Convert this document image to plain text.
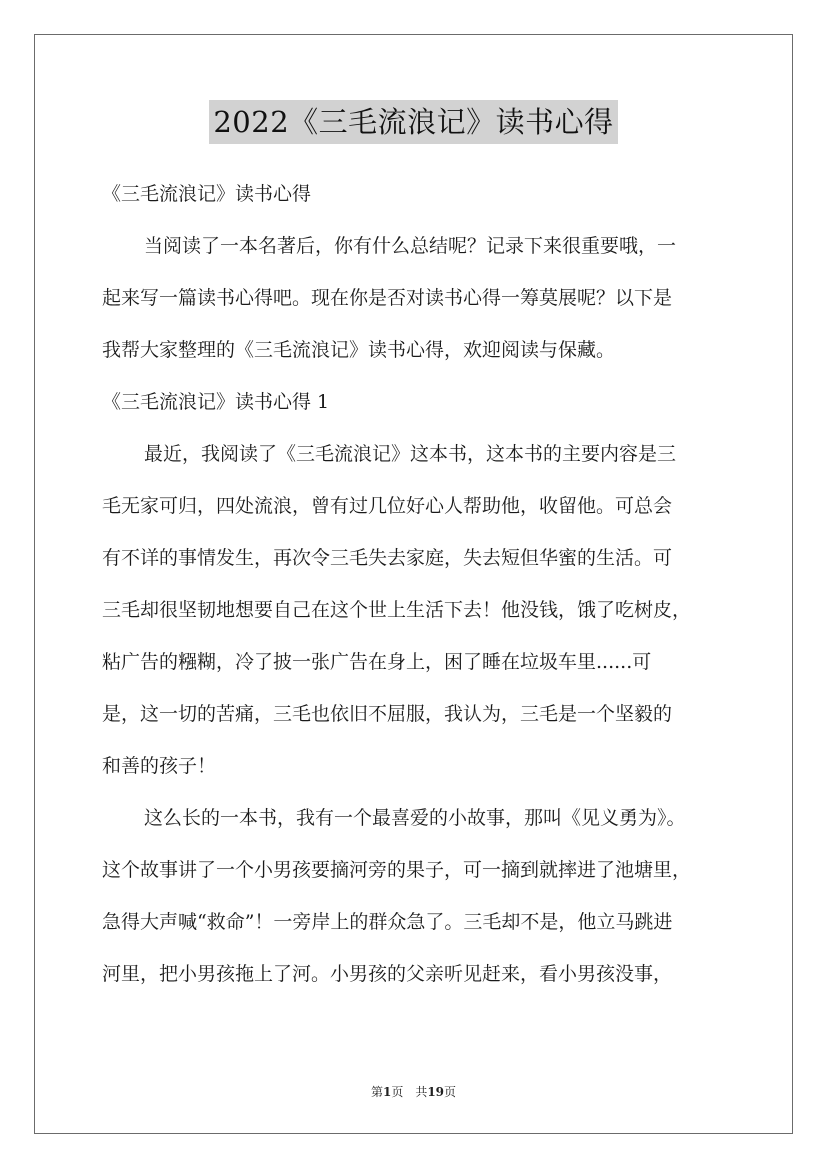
2022《三毛流浪记》读书心得
《三毛流浪记》读书心得
当阅读了一本名著后，你有什么总结呢？记录下来很重要哦，一
起来写一篇读书心得吧。现在你是否对读书心得一筹莫展呢？以下是
我帮大家整理的《三毛流浪记》读书心得，欢迎阅读与保藏。
《三毛流浪记》读书心得 1
最近，我阅读了《三毛流浪记》这本书，这本书的主要内容是三
毛无家可归，四处流浪，曾有过几位好心人帮助他，收留他。可总会
有不详的事情发生，再次令三毛失去家庭，失去短但华蜜的生活。可
三毛却很坚韧地想要自己在这个世上生活下去！他没钱，饿了吃树皮，
粘广告的糨糊，冷了披一张广告在身上，困了睡在垃圾车里......可
是，这一切的苦痛，三毛也依旧不屈服，我认为，三毛是一个坚毅的
和善的孩子！
这么长的一本书，我有一个最喜爱的小故事，那叫《见义勇为》。
这个故事讲了一个小男孩要摘河旁的果子，可一摘到就摔进了池塘里，
急得大声喊“救命”！一旁岸上的群众急了。三毛却不是，他立马跳进
河里，把小男孩拖上了河。小男孩的父亲听见赶来，看小男孩没事，
第1页　共19页
